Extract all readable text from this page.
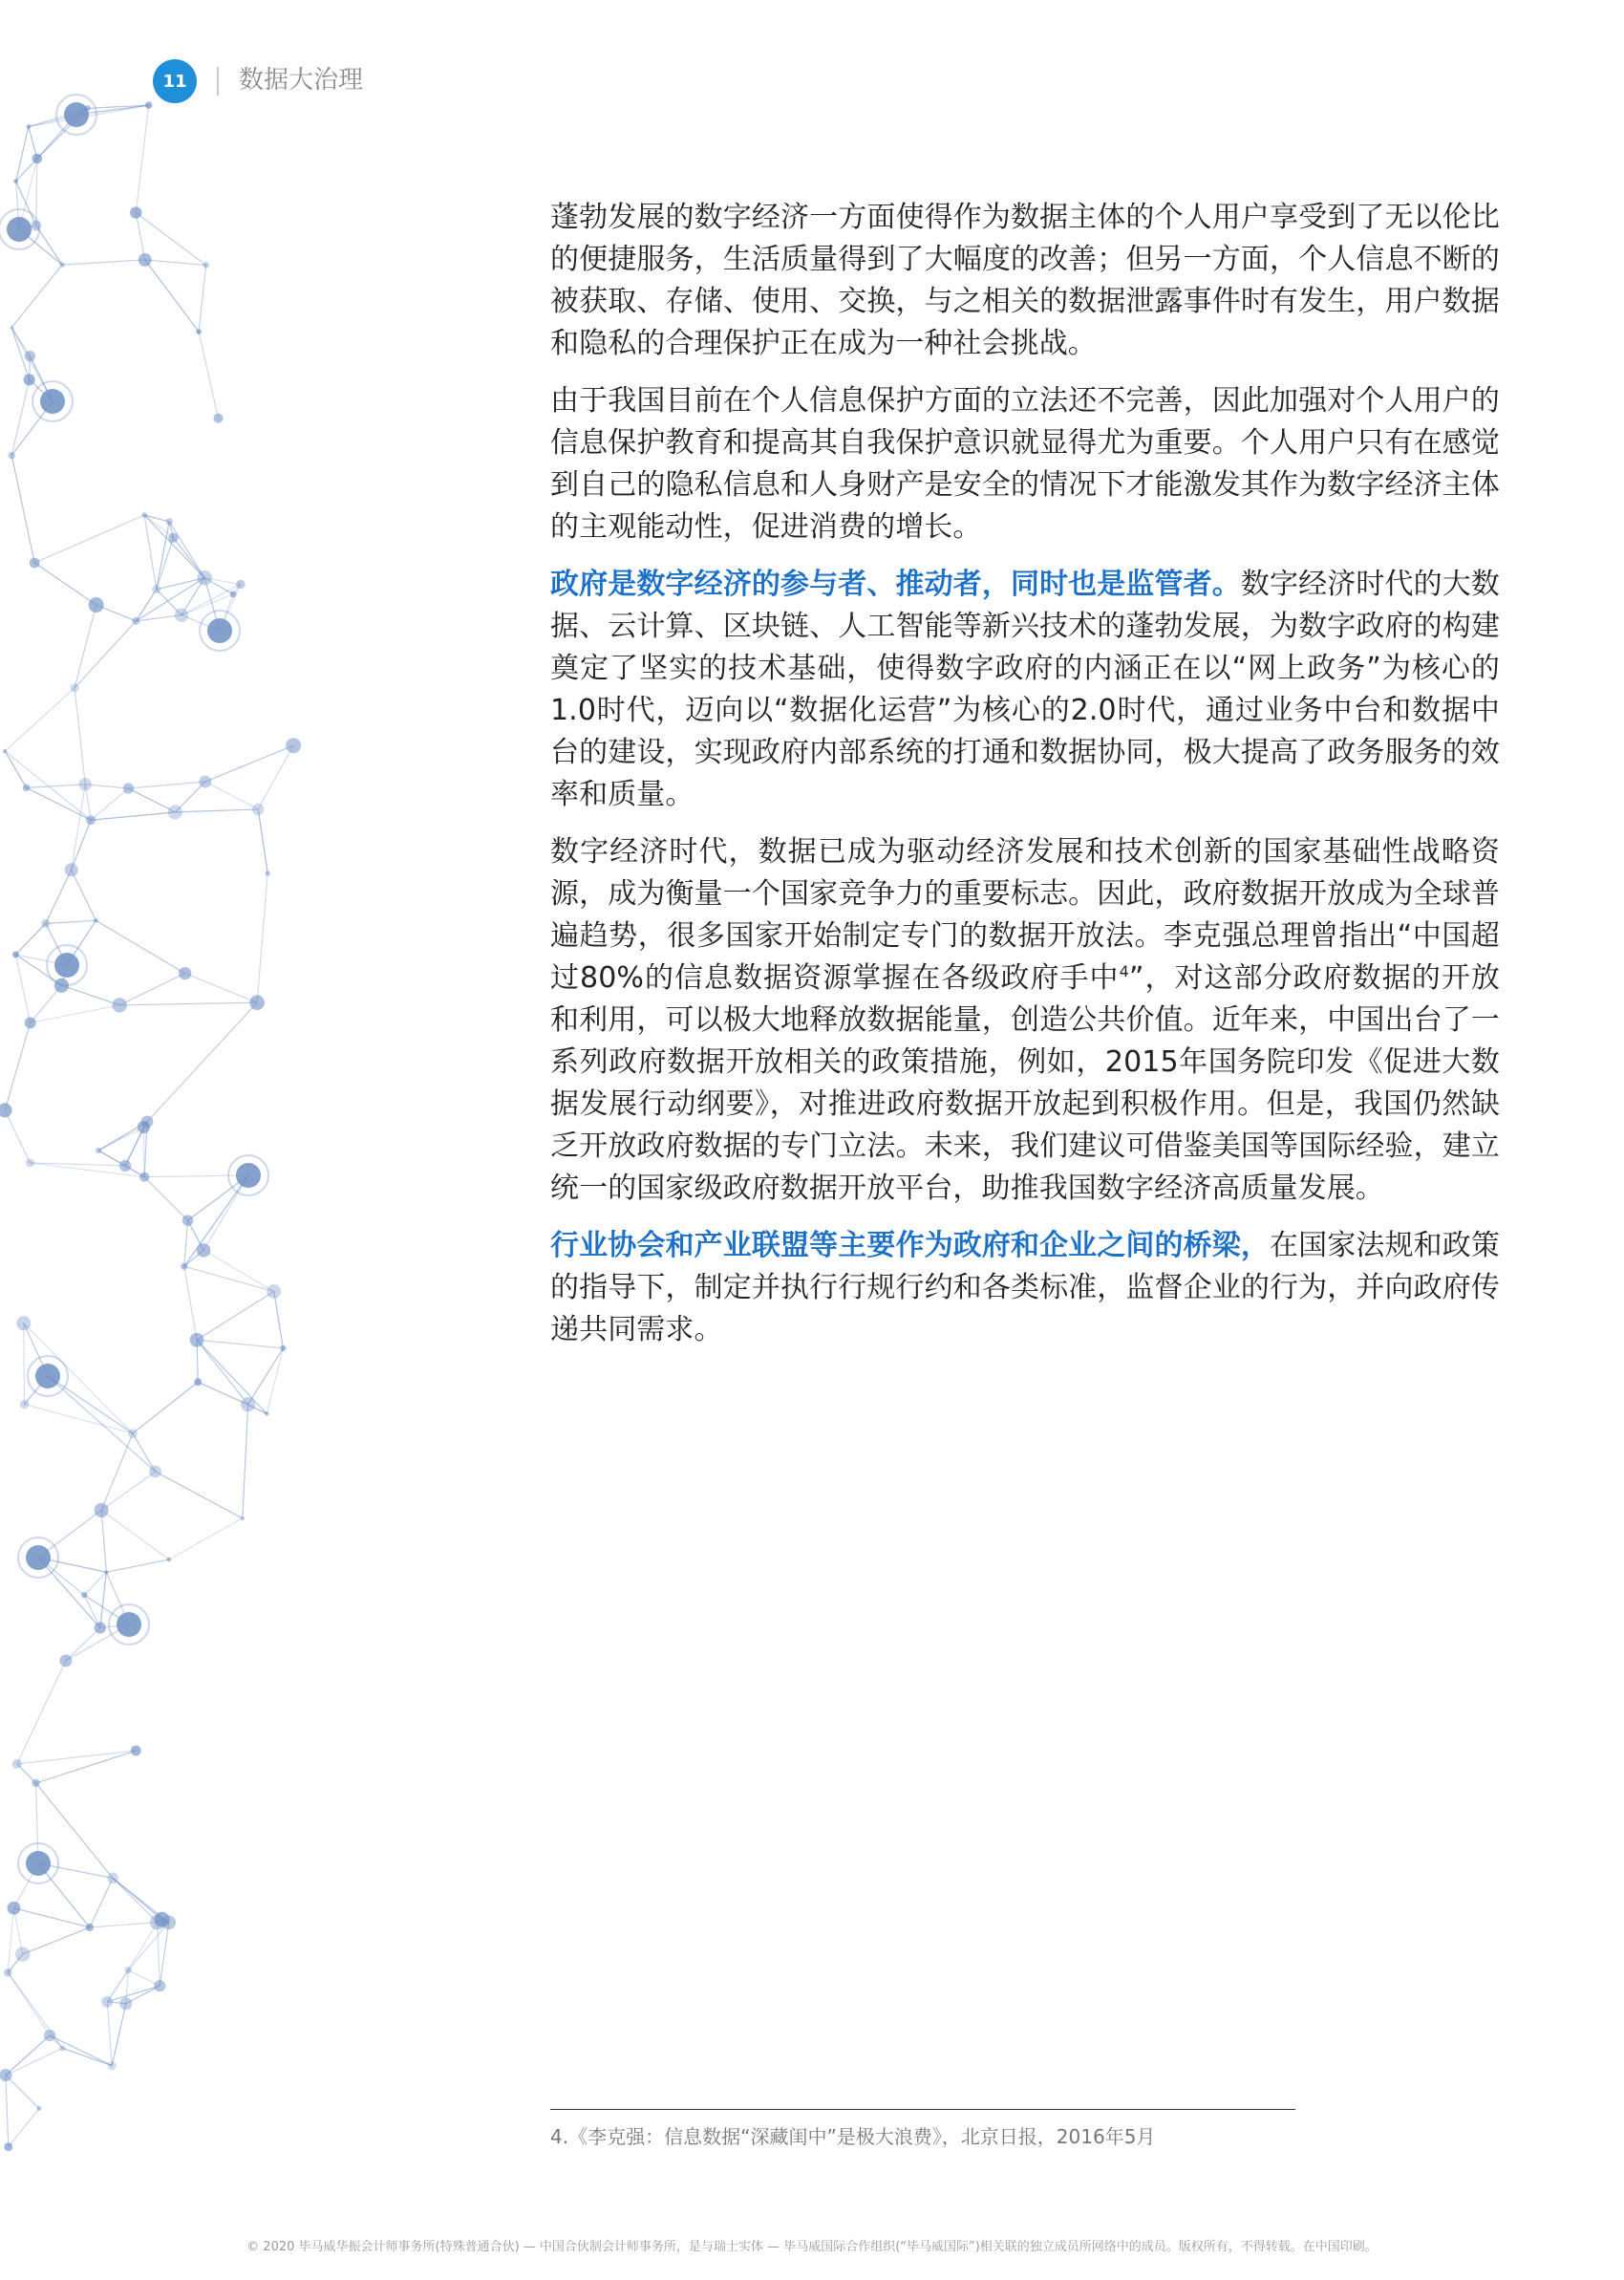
11	数据大治理

蓬勃发展的数字经济一方面使得作为数据主体的个人用户享受到了无以伦比的便捷服务，生活质量得到了大幅度的改善；但另一方面，个人信息不断的被获取、存储、使用、交换，与之相关的数据泄露事件时有发生，用户数据和隐私的合理保护正在成为一种社会挑战。

由于我国目前在个人信息保护方面的立法还不完善，因此加强对个人用户的信息保护教育和提高其自我保护意识就显得尤为重要。个人用户只有在感觉到自己的隐私信息和人身财产是安全的情况下才能激发其作为数字经济主体的主观能动性，促进消费的增长。

政府是数字经济的参与者、推动者，同时也是监管者。数字经济时代的大数据、云计算、区块链、人工智能等新兴技术的蓬勃发展，为数字政府的构建奠定了坚实的技术基础，使得数字政府的内涵正在以“网上政务”为核心的1.0时代，迈向以“数据化运营”为核心的2.0时代，通过业务中台和数据中台的建设，实现政府内部系统的打通和数据协同，极大提高了政务服务的效率和质量。

数字经济时代，数据已成为驱动经济发展和技术创新的国家基础性战略资源，成为衡量一个国家竞争力的重要标志。因此，政府数据开放成为全球普遍趋势，很多国家开始制定专门的数据开放法。李克强总理曾指出“中国超过80%的信息数据资源掌握在各级政府手中$^4$”，对这部分政府数据的开放和利用，可以极大地释放数据能量，创造公共价值。近年来，中国出台了一系列政府数据开放相关的政策措施，例如，2015年国务院印发《促进大数据发展行动纲要》，对推进政府数据开放起到积极作用。但是，我国仍然缺乏开放政府数据的专门立法。未来，我们建议可借鉴美国等国际经验，建立统一的国家级政府数据开放平台，助推我国数字经济高质量发展。

行业协会和产业联盟等主要作为政府和企业之间的桥梁，在国家法规和政策的指导下，制定并执行行规行约和各类标准，监督企业的行为，并向政府传递共同需求。

4.《李克强：信息数据“深藏闺中”是极大浪费》，北京日报，2016年5月
© 2020 毕马威华振会计师事务所(特殊普通合伙) — 中国合伙制会计师事务所，是与瑞士实体 — 毕马威国际合作组织(“毕马威国际”)相关联的独立成员所网络中的成员。版权所有，不得转载。在中国印刷。
